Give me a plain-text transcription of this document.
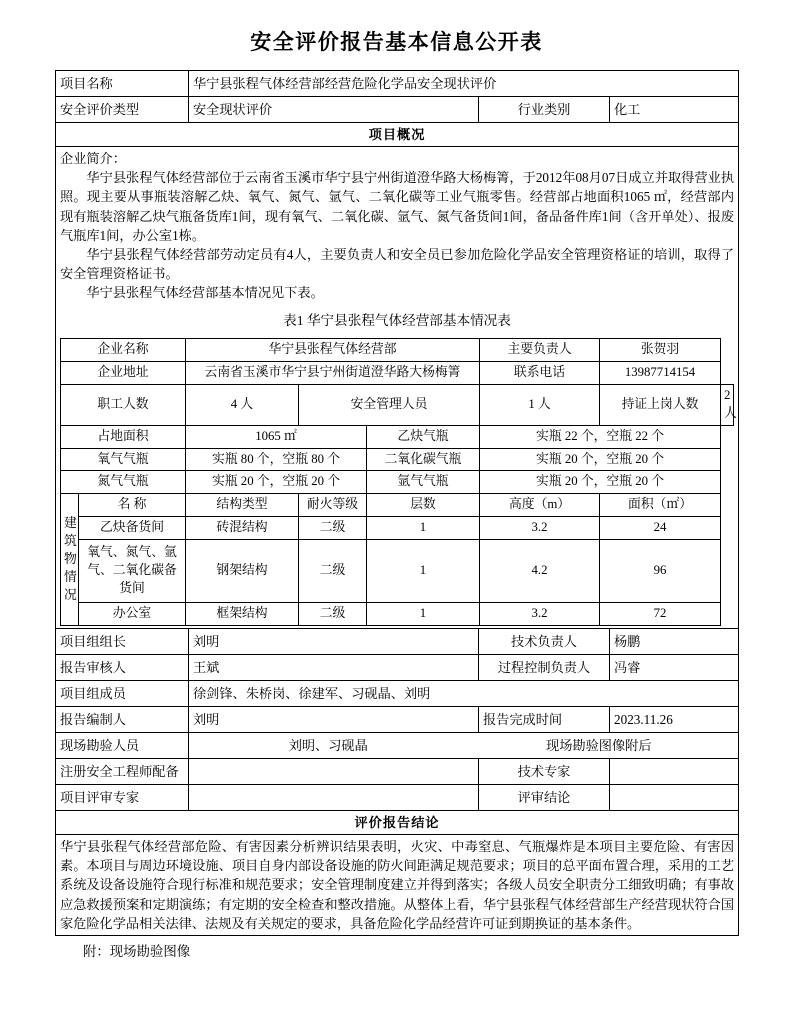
安全评价报告基本信息公开表
项目名称	华宁县张程气体经营部经营危险化学品安全现状评价
安全评价类型	安全现状评价	行业类别	化工
项目概况

企业简介：

华宁县张程气体经营部位于云南省玉溪市华宁县宁州街道澄华路大杨梅箐，于2012年08月07日成立并取得营业执照。现主要从事瓶装溶解乙炔、氧气、氮气、氩气、二氧化碳等工业气瓶零售。经营部占地面积1065 ㎡，经营部内现有瓶装溶解乙炔气瓶备货库1间，现有氧气、二氧化碳、氩气、氮气备货间1间，备品备件库1间（含开单处）、报废气瓶库1间，办公室1栋。

华宁县张程气体经营部劳动定员有4人，主要负责人和安全员已参加危险化学品安全管理资格证的培训，取得了安全管理资格证书。

华宁县张程气体经营部基本情况见下表。

表1 华宁县张程气体经营部基本情况表
企业名称	华宁县张程气体经营部	主要负责人	张贺羽
企业地址	云南省玉溪市华宁县宁州街道澄华路大杨梅箐	联系电话	13987714154
职工人数	4 人	安全管理人员	1 人	持证上岗人数	2 人
占地面积	1065 ㎡	乙炔气瓶	实瓶 22 个，空瓶 22 个
氧气气瓶	实瓶 80 个，空瓶 80 个	二氧化碳气瓶	实瓶 20 个，空瓶 20 个
氮气气瓶	实瓶 20 个，空瓶 20 个	氩气气瓶	实瓶 20 个，空瓶 20 个

建
筑
物
情
况
	名 称	结构类型	耐火等级	层数	高度（m）	面积（㎡）
乙炔备货间	砖混结构	二级	1	3.2	24
氧气、氮气、氩气、二氧化碳备货间	钢架结构	二级	1	4.2	96
办公室	框架结构	二级	1	3.2	72

项目组组长	刘明	技术负责人	杨鹏
报告审核人	王斌	过程控制负责人	冯睿
项目组成员	徐剑锋、朱桥岗、徐建军、习砚晶、刘明
报告编制人	刘明	报告完成时间	2023.11.26
现场勘验人员	刘明、习砚晶	现场勘验图像附后

注册安全工程师配备		技术专家	
项目评审专家		评审结论	
评价报告结论
华宁县张程气体经营部危险、有害因素分析辨识结果表明，火灾、中毒窒息、气瓶爆炸是本项目主要危险、有害因素。本项目与周边环境设施、项目自身内部设备设施的防火间距满足规范要求；项目的总平面布置合理，采用的工艺系统及设备设施符合现行标准和规范要求；安全管理制度建立并得到落实；各级人员安全职责分工细致明确；有事故应急救援预案和定期演练；有定期的安全检查和整改措施。从整体上看，华宁县张程气体经营部生产经营现状符合国家危险化学品相关法律、法规及有关规定的要求，具备危险化学品经营许可证到期换证的基本条件。
附：现场勘验图像
